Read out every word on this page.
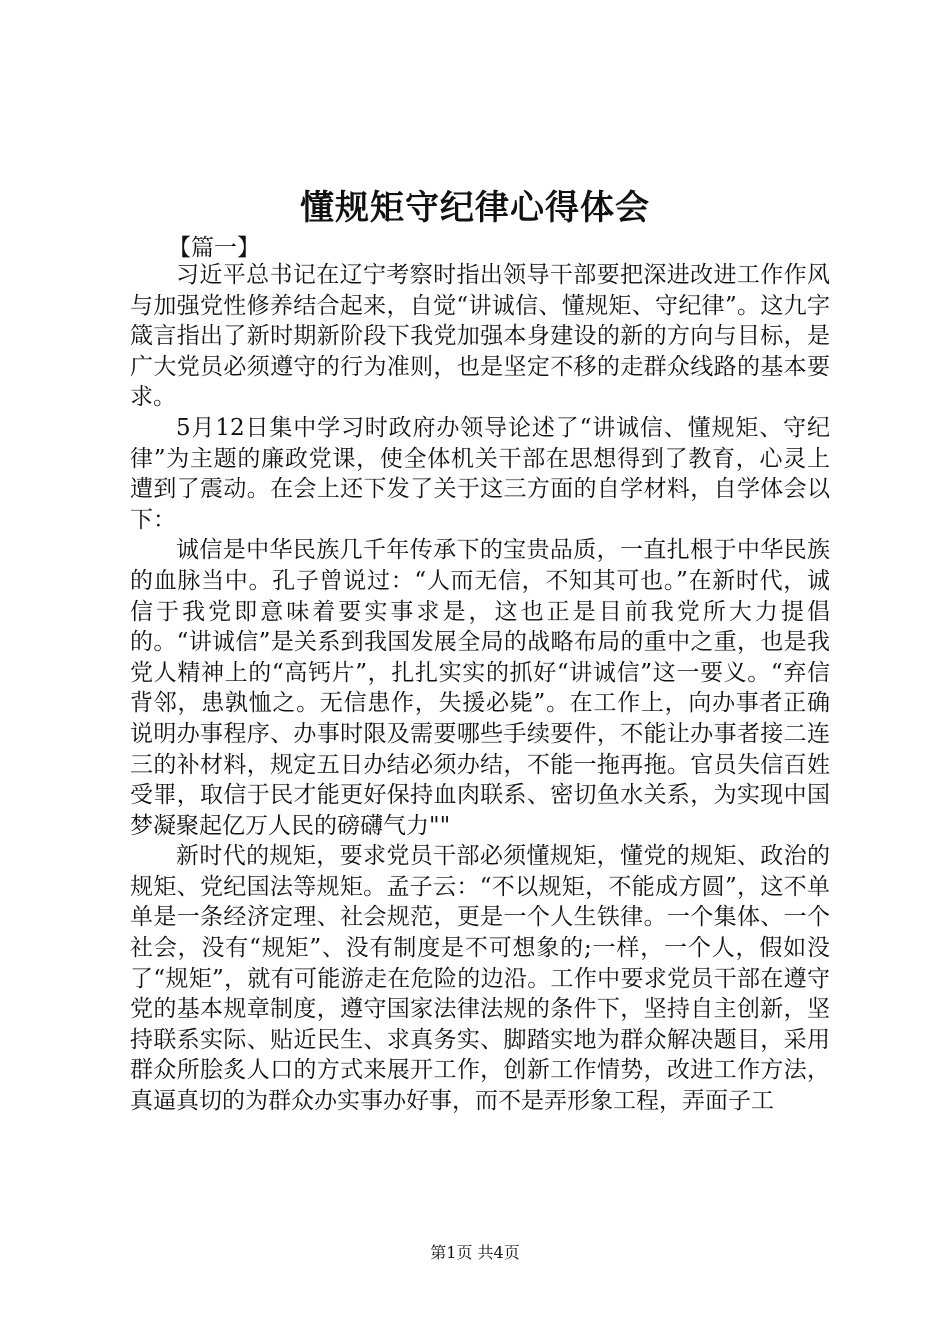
懂规矩守纪律心得体会
【篇一】

习近平总书记在辽宁考察时指出领导干部要把深进改进工作作风与加强党性修养结合起来，自觉“讲诚信、懂规矩、守纪律”。这九字箴言指出了新时期新阶段下我党加强本身建设的新的方向与目标，是广大党员必须遵守的行为准则，也是坚定不移的走群众线路的基本要求。

5月12日集中学习时政府办领导论述了“讲诚信、懂规矩、守纪律”为主题的廉政党课，使全体机关干部在思想得到了教育，心灵上遭到了震动。在会上还下发了关于这三方面的自学材料，自学体会以下：

诚信是中华民族几千年传承下的宝贵品质，一直扎根于中华民族的血脉当中。孔子曾说过：“人而无信，不知其可也。”在新时代，诚信于我党即意味着要实事求是，这也正是目前我党所大力提倡的。“讲诚信”是关系到我国发展全局的战略布局的重中之重，也是我党人精神上的“高钙片”，扎扎实实的抓好“讲诚信”这一要义。“弃信背邻，患孰恤之。无信患作，失援必毙”。在工作上，向办事者正确说明办事程序、办事时限及需要哪些手续要件，不能让办事者接二连三的补材料，规定五日办结必须办结，不能一拖再拖。官员失信百姓受罪，取信于民才能更好保持血肉联系、密切鱼水关系，为实现中国梦凝聚起亿万人民的磅礴气力""

新时代的规矩，要求党员干部必须懂规矩，懂党的规矩、政治的规矩、党纪国法等规矩。孟子云：“不以规矩，不能成方圆”，这不单单是一条经济定理、社会规范，更是一个人生铁律。一个集体、一个社会，没有“规矩”、没有制度是不可想象的;一样，一个人，假如没了“规矩”，就有可能游走在危险的边沿。工作中要求党员干部在遵守党的基本规章制度，遵守国家法律法规的条件下，坚持自主创新，坚持联系实际、贴近民生、求真务实、脚踏实地为群众解决题目，采用群众所脍炙人口的方式来展开工作，创新工作情势，改进工作方法，真逼真切的为群众办实事办好事，而不是弄形象工程，弄面子工

第1页 共4页
